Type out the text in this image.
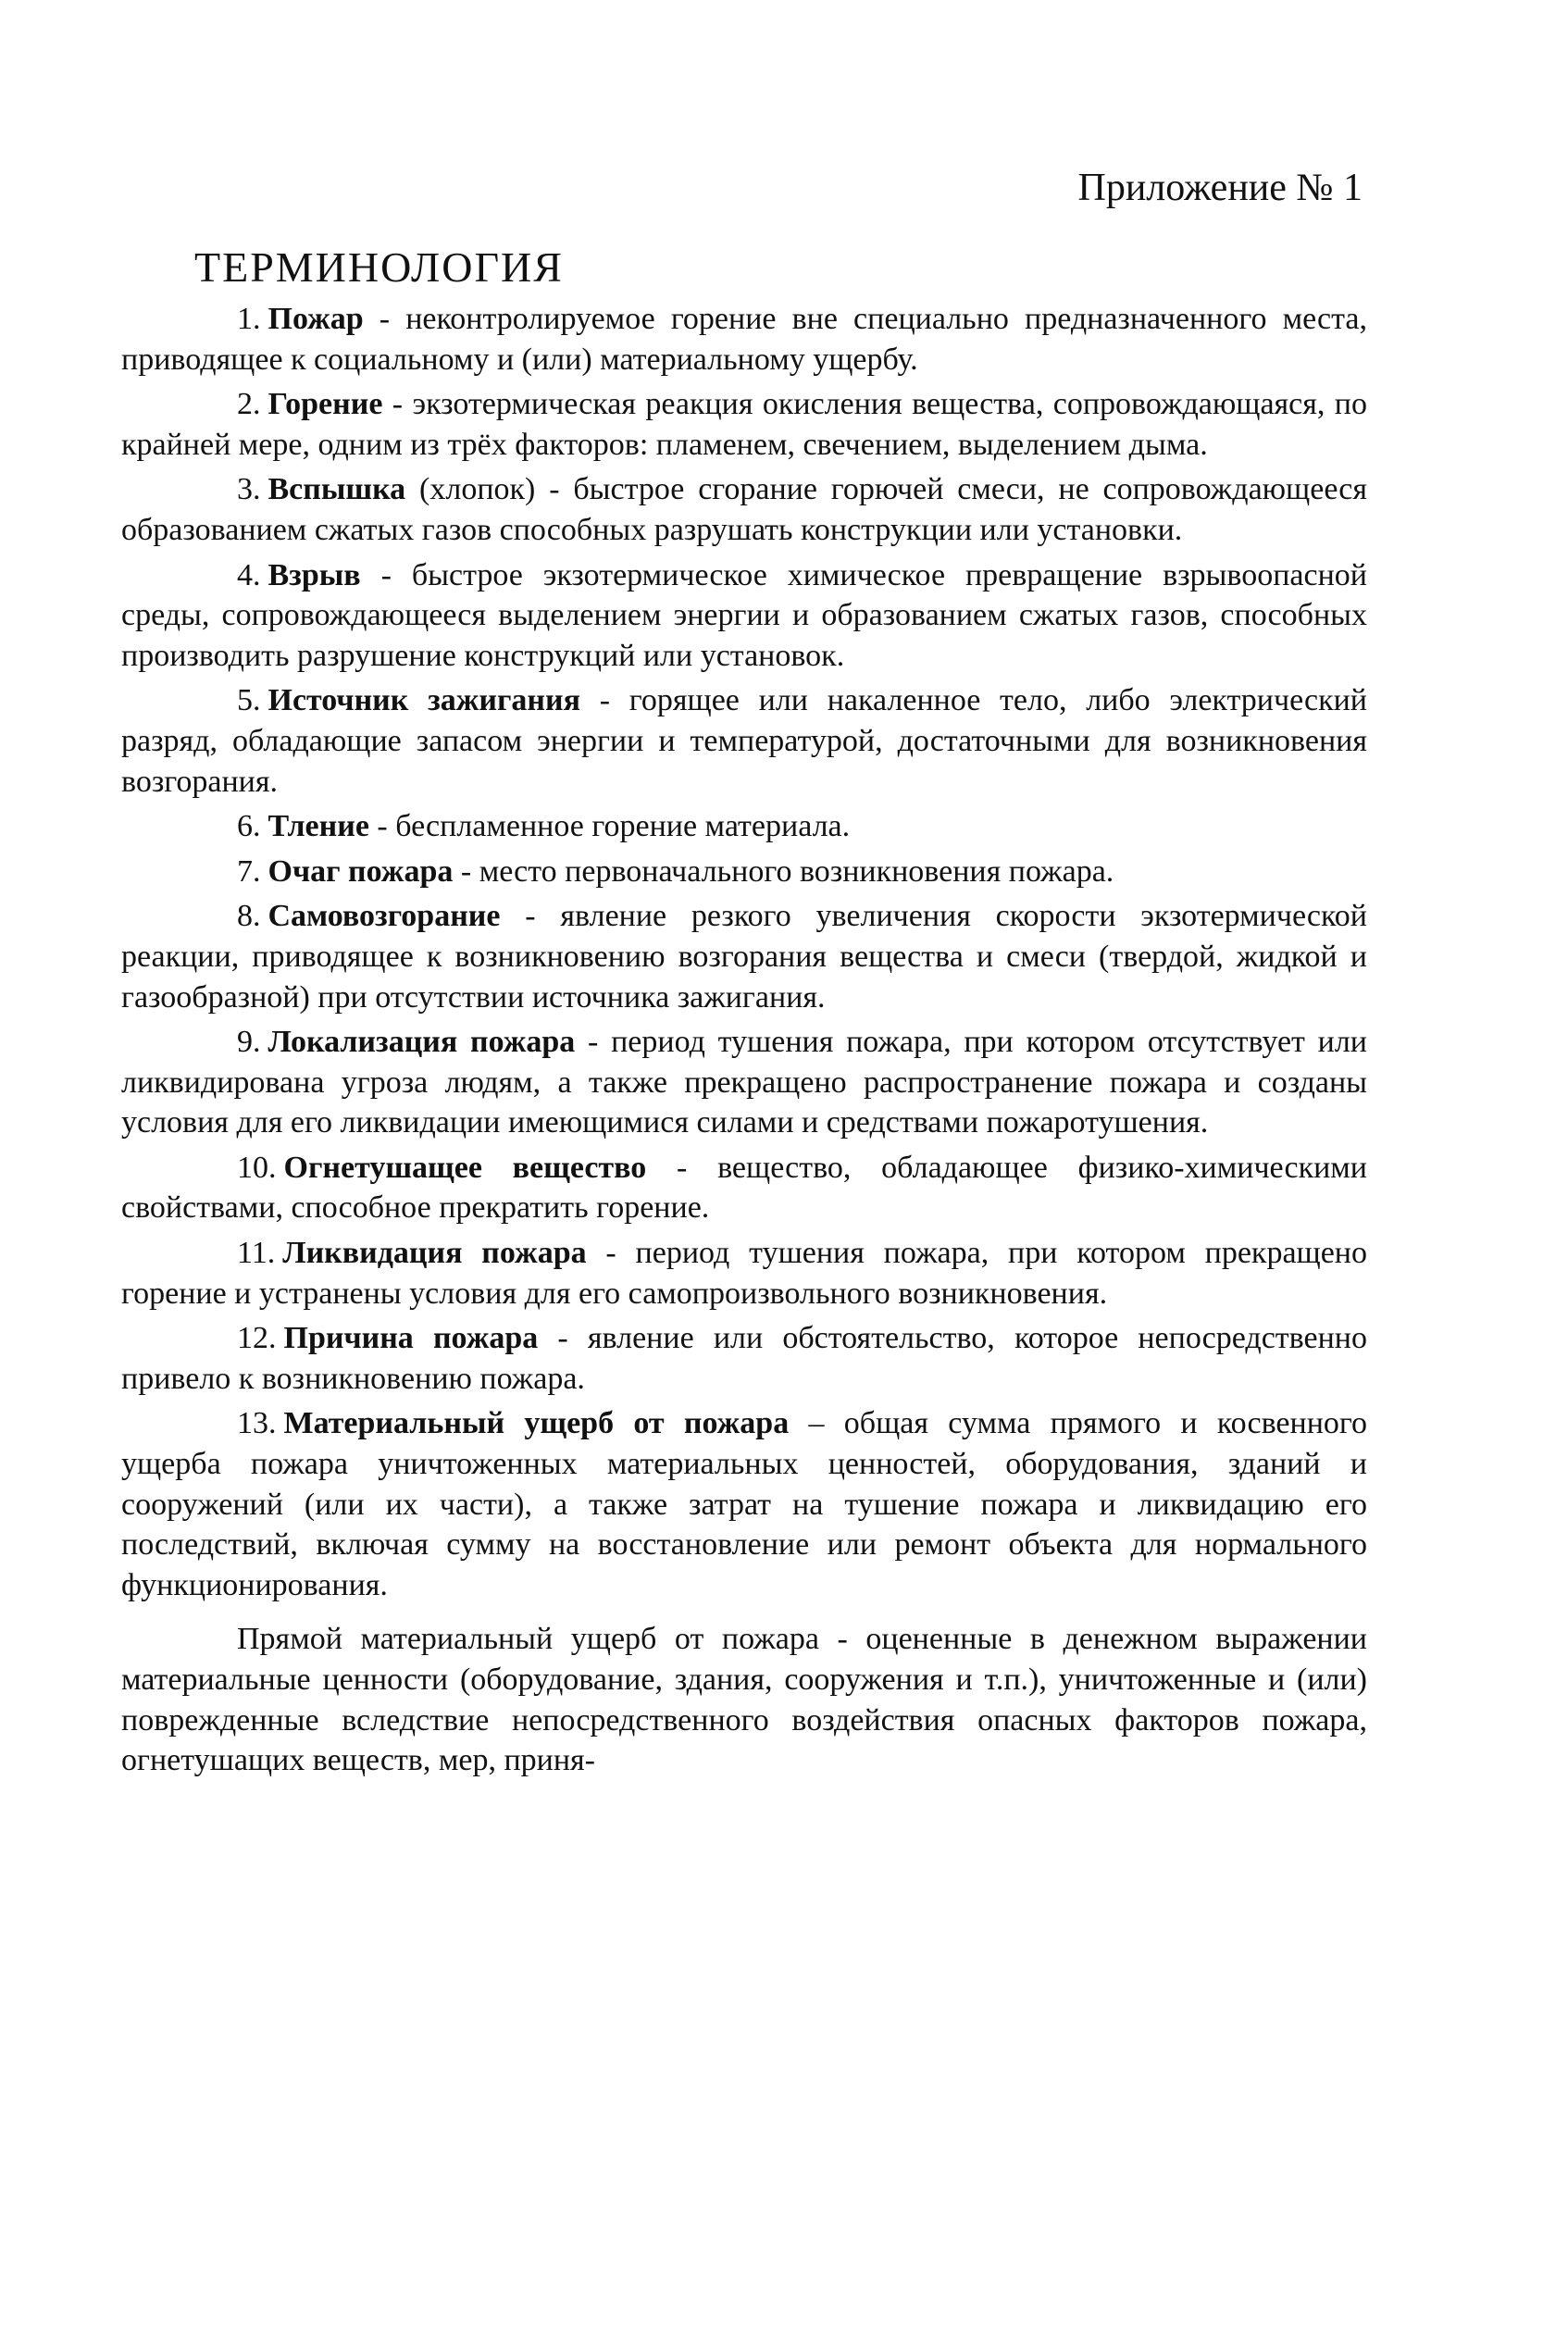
Приложение № 1
ТЕРМИНОЛОГИЯ

1. Пожар - неконтролируемое горение вне специально предназначенного места, приводящее к социальному и (или) материальному ущербу.

2. Горение - экзотермическая реакция окисления вещества, сопровождающаяся, по крайней мере, одним из трёх факторов: пламенем, свечением, выделением дыма.

3. Вспышка (хлопок) - быстрое сгорание горючей смеси, не сопровождающееся образованием сжатых газов способных разрушать конструкции или установки.

4. Взрыв - быстрое экзотермическое химическое превращение взрывоопасной среды, сопровождающееся выделением энергии и образованием сжатых газов, способных производить разрушение конструкций или установок.

5. Источник зажигания - горящее или накаленное тело, либо электрический разряд, обладающие запасом энергии и температурой, достаточными для возникновения возгорания.

6. Тление - беспламенное горение материала.

7. Очаг пожара - место первоначального возникновения пожара.

8. Самовозгорание - явление резкого увеличения скорости экзотермической реакции, приводящее к возникновению возгорания вещества и смеси (твердой, жидкой и газообразной) при отсутствии источника зажигания.

9. Локализация пожара - период тушения пожара, при котором отсутствует или ликвидирована угроза людям, а также прекращено распространение пожара и созданы условия для его ликвидации имеющимися силами и средствами пожаротушения.

10. Огнетушащее вещество - вещество, обладающее физико-химическими свойствами, способное прекратить горение.

11. Ликвидация пожара - период тушения пожара, при котором прекращено горение и устранены условия для его самопроизвольного возникновения.

12. Причина пожара - явление или обстоятельство, которое непосредственно привело к возникновению пожара.

13. Материальный ущерб от пожара – общая сумма прямого и косвенного ущерба пожара уничтоженных материальных ценностей, оборудования, зданий и сооружений (или их части), а также затрат на тушение пожара и ликвидацию его последствий, включая сумму на восстановление или ремонт объекта для нормального функционирования.

Прямой материальный ущерб от пожара - оцененные в денежном выражении материальные ценности (оборудование, здания, сооружения и т.п.), уничтоженные и (или) поврежденные вследствие непосредственного воздействия опасных факторов пожара, огнетушащих веществ, мер, приня-
